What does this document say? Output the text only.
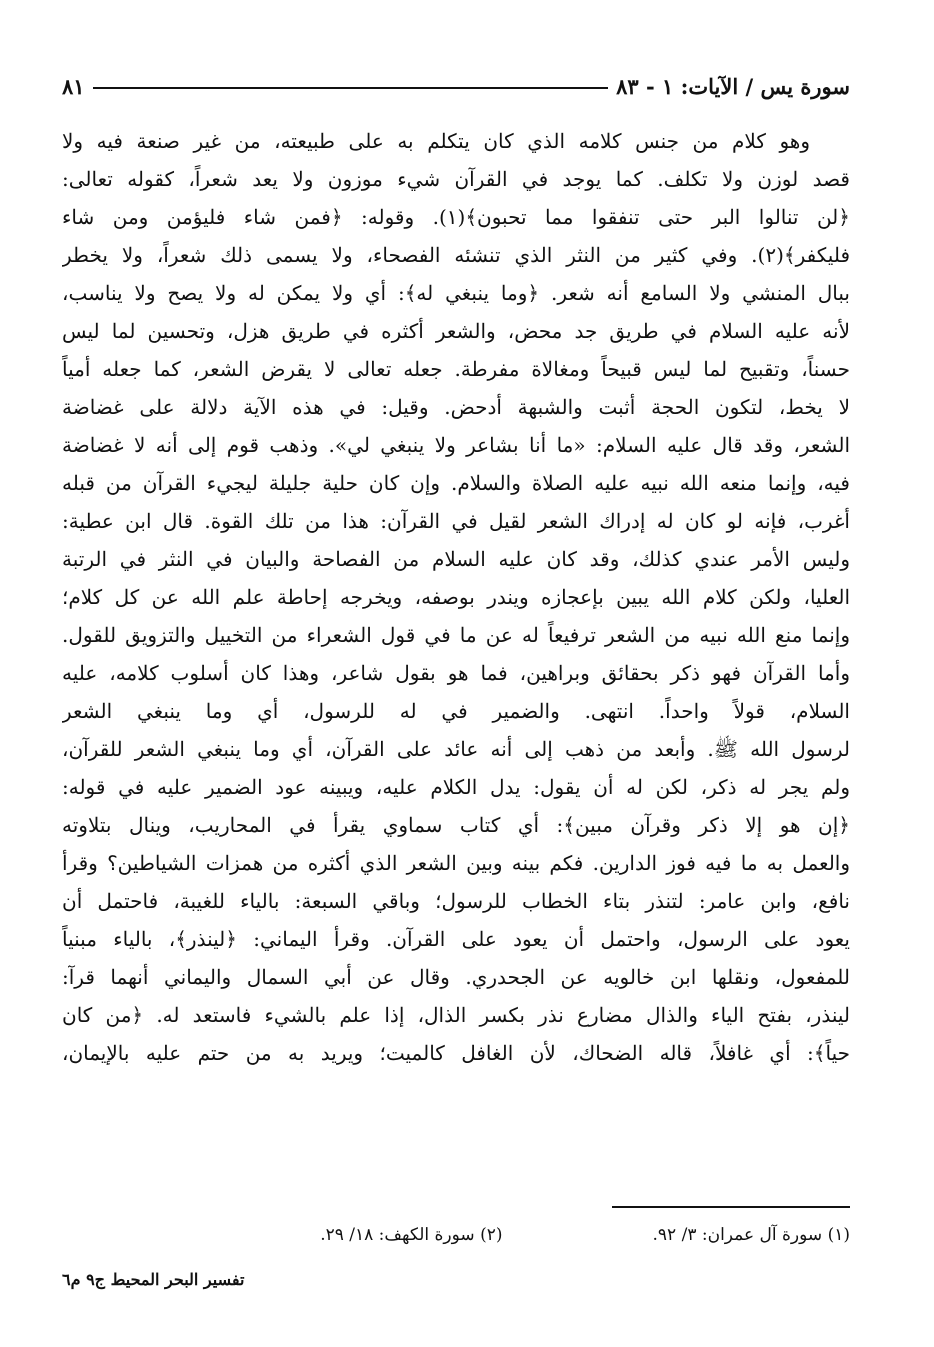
سورة يس / الآيات: ١ - ٨٣
٨١
وهو كلام من جنس كلامه الذي كان يتكلم به على طبيعته، من غير صنعة فيه ولا
قصد لوزن ولا تكلف. كما يوجد في القرآن شيء موزون ولا يعد شعراً، كقوله تعالى:
﴿لن تنالوا البر حتى تنفقوا مما تحبون﴾(١). وقوله: ﴿فمن شاء فليؤمن ومن شاء
فليكفر﴾(٢). وفي كثير من النثر الذي تنشئه الفصحاء، ولا يسمى ذلك شعراً، ولا يخطر
ببال المنشي ولا السامع أنه شعر. ﴿وما ينبغي له﴾: أي ولا يمكن له ولا يصح ولا يناسب،
لأنه عليه السلام في طريق جد محض، والشعر أكثره في طريق هزل، وتحسين لما ليس
حسناً، وتقبيح لما ليس قبيحاً ومغالاة مفرطة. جعله تعالى لا يقرض الشعر، كما جعله أمياً
لا يخط، لتكون الحجة أثبت والشبهة أدحض. وقيل: في هذه الآية دلالة على غضاضة
الشعر، وقد قال عليه السلام: «ما أنا بشاعر ولا ينبغي لي». وذهب قوم إلى أنه لا غضاضة
فيه، وإنما منعه الله نبيه عليه الصلاة والسلام. وإن كان حلية جليلة ليجيء القرآن من قبله
أغرب، فإنه لو كان له إدراك الشعر لقيل في القرآن: هذا من تلك القوة. قال ابن عطية:
وليس الأمر عندي كذلك، وقد كان عليه السلام من الفصاحة والبيان في النثر في الرتبة
العليا، ولكن كلام الله يبين بإعجازه ويندر بوصفه، ويخرجه إحاطة علم الله عن كل كلام؛
وإنما منع الله نبيه من الشعر ترفيعاً له عن ما في قول الشعراء من التخييل والتزويق للقول.
وأما القرآن فهو ذكر بحقائق وبراهين، فما هو بقول شاعر، وهذا كان أسلوب كلامه، عليه
السلام، قولاً واحداً. انتهى. والضمير في له للرسول، أي وما ينبغي الشعر
لرسول الله ﷺ. وأبعد من ذهب إلى أنه عائد على القرآن، أي وما ينبغي الشعر للقرآن،
ولم يجر له ذكر، لكن له أن يقول: يدل الكلام عليه، ويبينه عود الضمير عليه في قوله:
﴿إن هو إلا ذكر وقرآن مبين﴾: أي كتاب سماوي يقرأ في المحاريب، وينال بتلاوته
والعمل به ما فيه فوز الدارين. فكم بينه وبين الشعر الذي أكثره من همزات الشياطين؟ وقرأ
نافع، وابن عامر: لتنذر بتاء الخطاب للرسول؛ وباقي السبعة: بالياء للغيبة، فاحتمل أن
يعود على الرسول، واحتمل أن يعود على القرآن. وقرأ اليماني: ﴿لينذر﴾، بالياء مبنياً
للمفعول، ونقلها ابن خالويه عن الجحدري. وقال عن أبي السمال واليماني أنهما قرآ:
لينذر، بفتح الياء والذال مضارع نذر بكسر الذال، إذا علم بالشيء فاستعد له. ﴿من كان
حياً﴾: أي غافلاً، قاله الضحاك، لأن الغافل كالميت؛ ويريد به من حتم عليه بالإيمان،
(١) سورة آل عمران: ٣/ ٩٢.
(٢) سورة الكهف: ١٨/ ٢٩.
تفسير البحر المحيط ج٩ م٦
